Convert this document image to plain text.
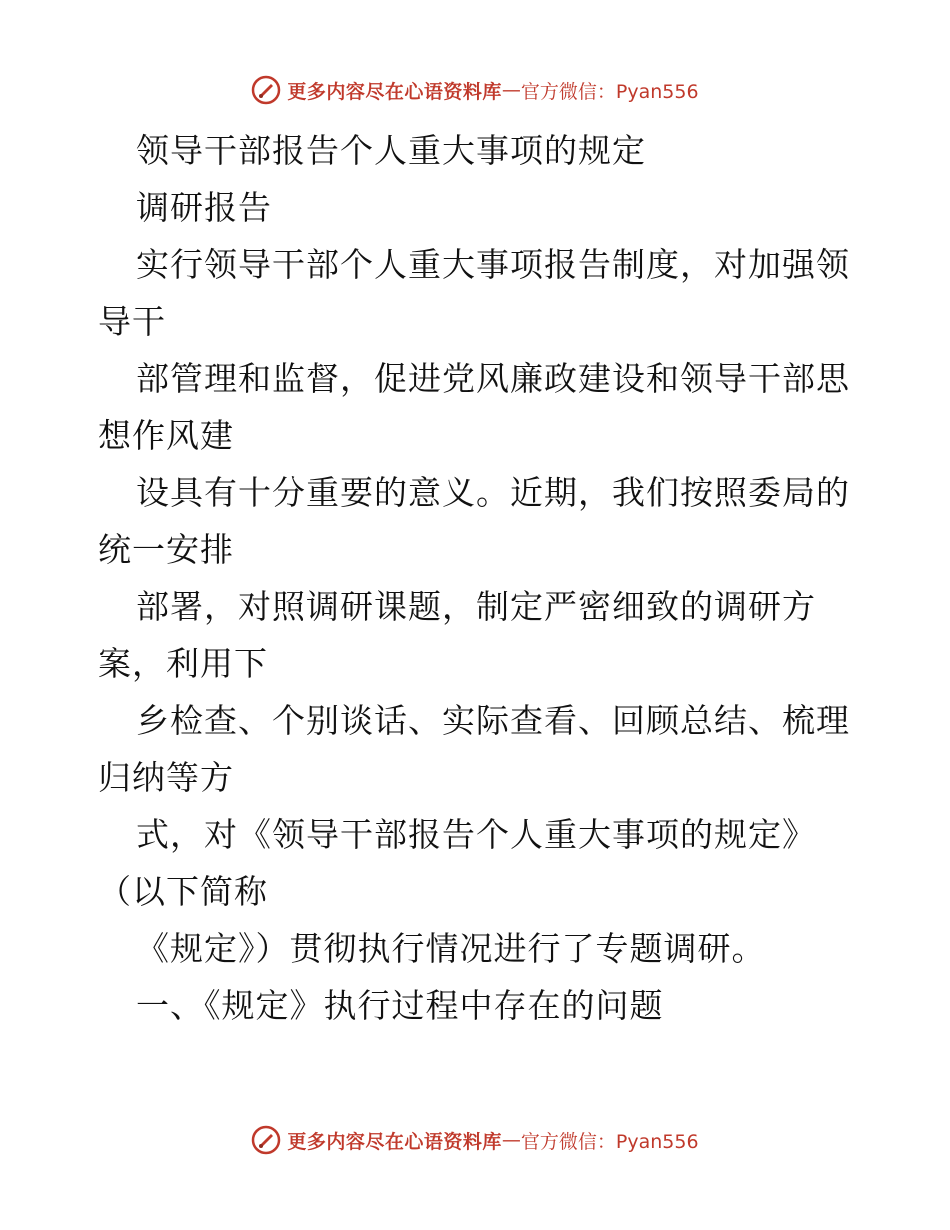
更多内容尽在心语资料库 — 官方微信：Pyan556
领导干部报告个人重大事项的规定
调研报告
实行领导干部个人重大事项报告制度，对加强领
导干
部管理和监督，促进党风廉政建设和领导干部思
想作风建
设具有十分重要的意义。近期，我们按照委局的
统一安排
部署，对照调研课题，制定严密细致的调研方
案，利用下
乡检查、个别谈话、实际查看、回顾总结、梳理
归纳等方
式，对《领导干部报告个人重大事项的规定》
（以下简称
《规定》）贯彻执行情况进行了专题调研。
一、《规定》执行过程中存在的问题
更多内容尽在心语资料库 — 官方微信：Pyan556
